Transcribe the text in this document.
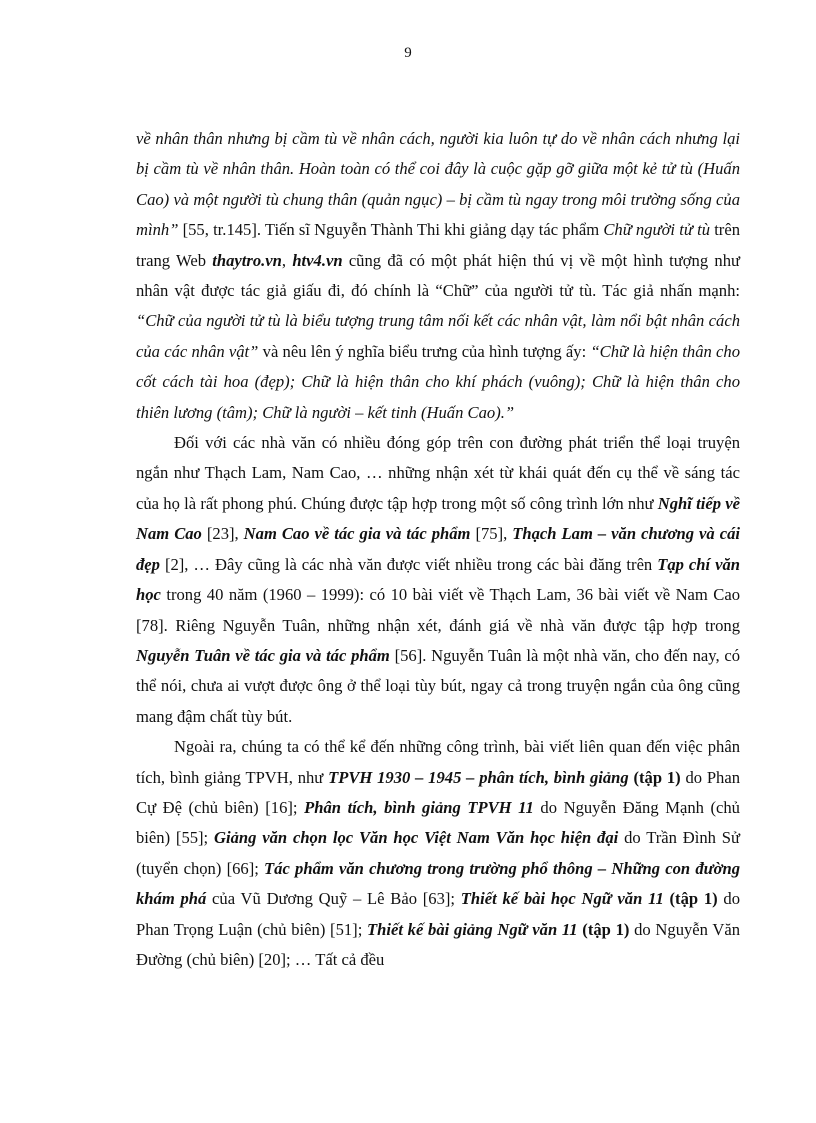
9

về nhân thân nhưng bị cầm tù về nhân cách, người kia luôn tự do về nhân cách nhưng lại bị cầm tù về nhân thân. Hoàn toàn có thể coi đây là cuộc gặp gỡ giữa một kẻ tử tù (Huấn Cao) và một người tù chung thân (quản ngục) – bị cầm tù ngay trong môi trường sống của mình” [55, tr.145]. Tiến sĩ Nguyễn Thành Thi khi giảng dạy tác phẩm Chữ người tử tù trên trang Web thaytro.vn, htv4.vn cũng đã có một phát hiện thú vị về một hình tượng như nhân vật được tác giả giấu đi, đó chính là “Chữ” của người tử tù. Tác giả nhấn mạnh: “Chữ của người tử tù là biểu tượng trung tâm nối kết các nhân vật, làm nổi bật nhân cách của các nhân vật” và nêu lên ý nghĩa biểu trưng của hình tượng ấy: “Chữ là hiện thân cho cốt cách tài hoa (đẹp); Chữ là hiện thân cho khí phách (vuông); Chữ là hiện thân cho thiên lương (tâm); Chữ là người – kết tinh (Huấn Cao).”

Đối với các nhà văn có nhiều đóng góp trên con đường phát triển thể loại truyện ngắn như Thạch Lam, Nam Cao, … những nhận xét từ khái quát đến cụ thể về sáng tác của họ là rất phong phú. Chúng được tập hợp trong một số công trình lớn như Nghĩ tiếp về Nam Cao [23], Nam Cao về tác gia và tác phẩm [75], Thạch Lam – văn chương và cái đẹp [2], … Đây cũng là các nhà văn được viết nhiều trong các bài đăng trên Tạp chí văn học trong 40 năm (1960 – 1999): có 10 bài viết về Thạch Lam, 36 bài viết về Nam Cao [78]. Riêng Nguyễn Tuân, những nhận xét, đánh giá về nhà văn được tập hợp trong Nguyễn Tuân về tác gia và tác phẩm [56]. Nguyễn Tuân là một nhà văn, cho đến nay, có thể nói, chưa ai vượt được ông ở thể loại tùy bút, ngay cả trong truyện ngắn của ông cũng mang đậm chất tùy bút.

Ngoài ra, chúng ta có thể kể đến những công trình, bài viết liên quan đến việc phân tích, bình giảng TPVH, như TPVH 1930 – 1945 – phân tích, bình giảng (tập 1) do Phan Cự Đệ (chủ biên) [16]; Phân tích, bình giảng TPVH 11 do Nguyễn Đăng Mạnh (chủ biên) [55]; Giảng văn chọn lọc Văn học Việt Nam Văn học hiện đại do Trần Đình Sử (tuyển chọn) [66]; Tác phẩm văn chương trong trường phổ thông – Những con đường khám phá của Vũ Dương Quỹ – Lê Bảo [63]; Thiết kế bài học Ngữ văn 11 (tập 1) do Phan Trọng Luận (chủ biên) [51]; Thiết kế bài giảng Ngữ văn 11 (tập 1) do Nguyễn Văn Đường (chủ biên) [20]; … Tất cả đều
